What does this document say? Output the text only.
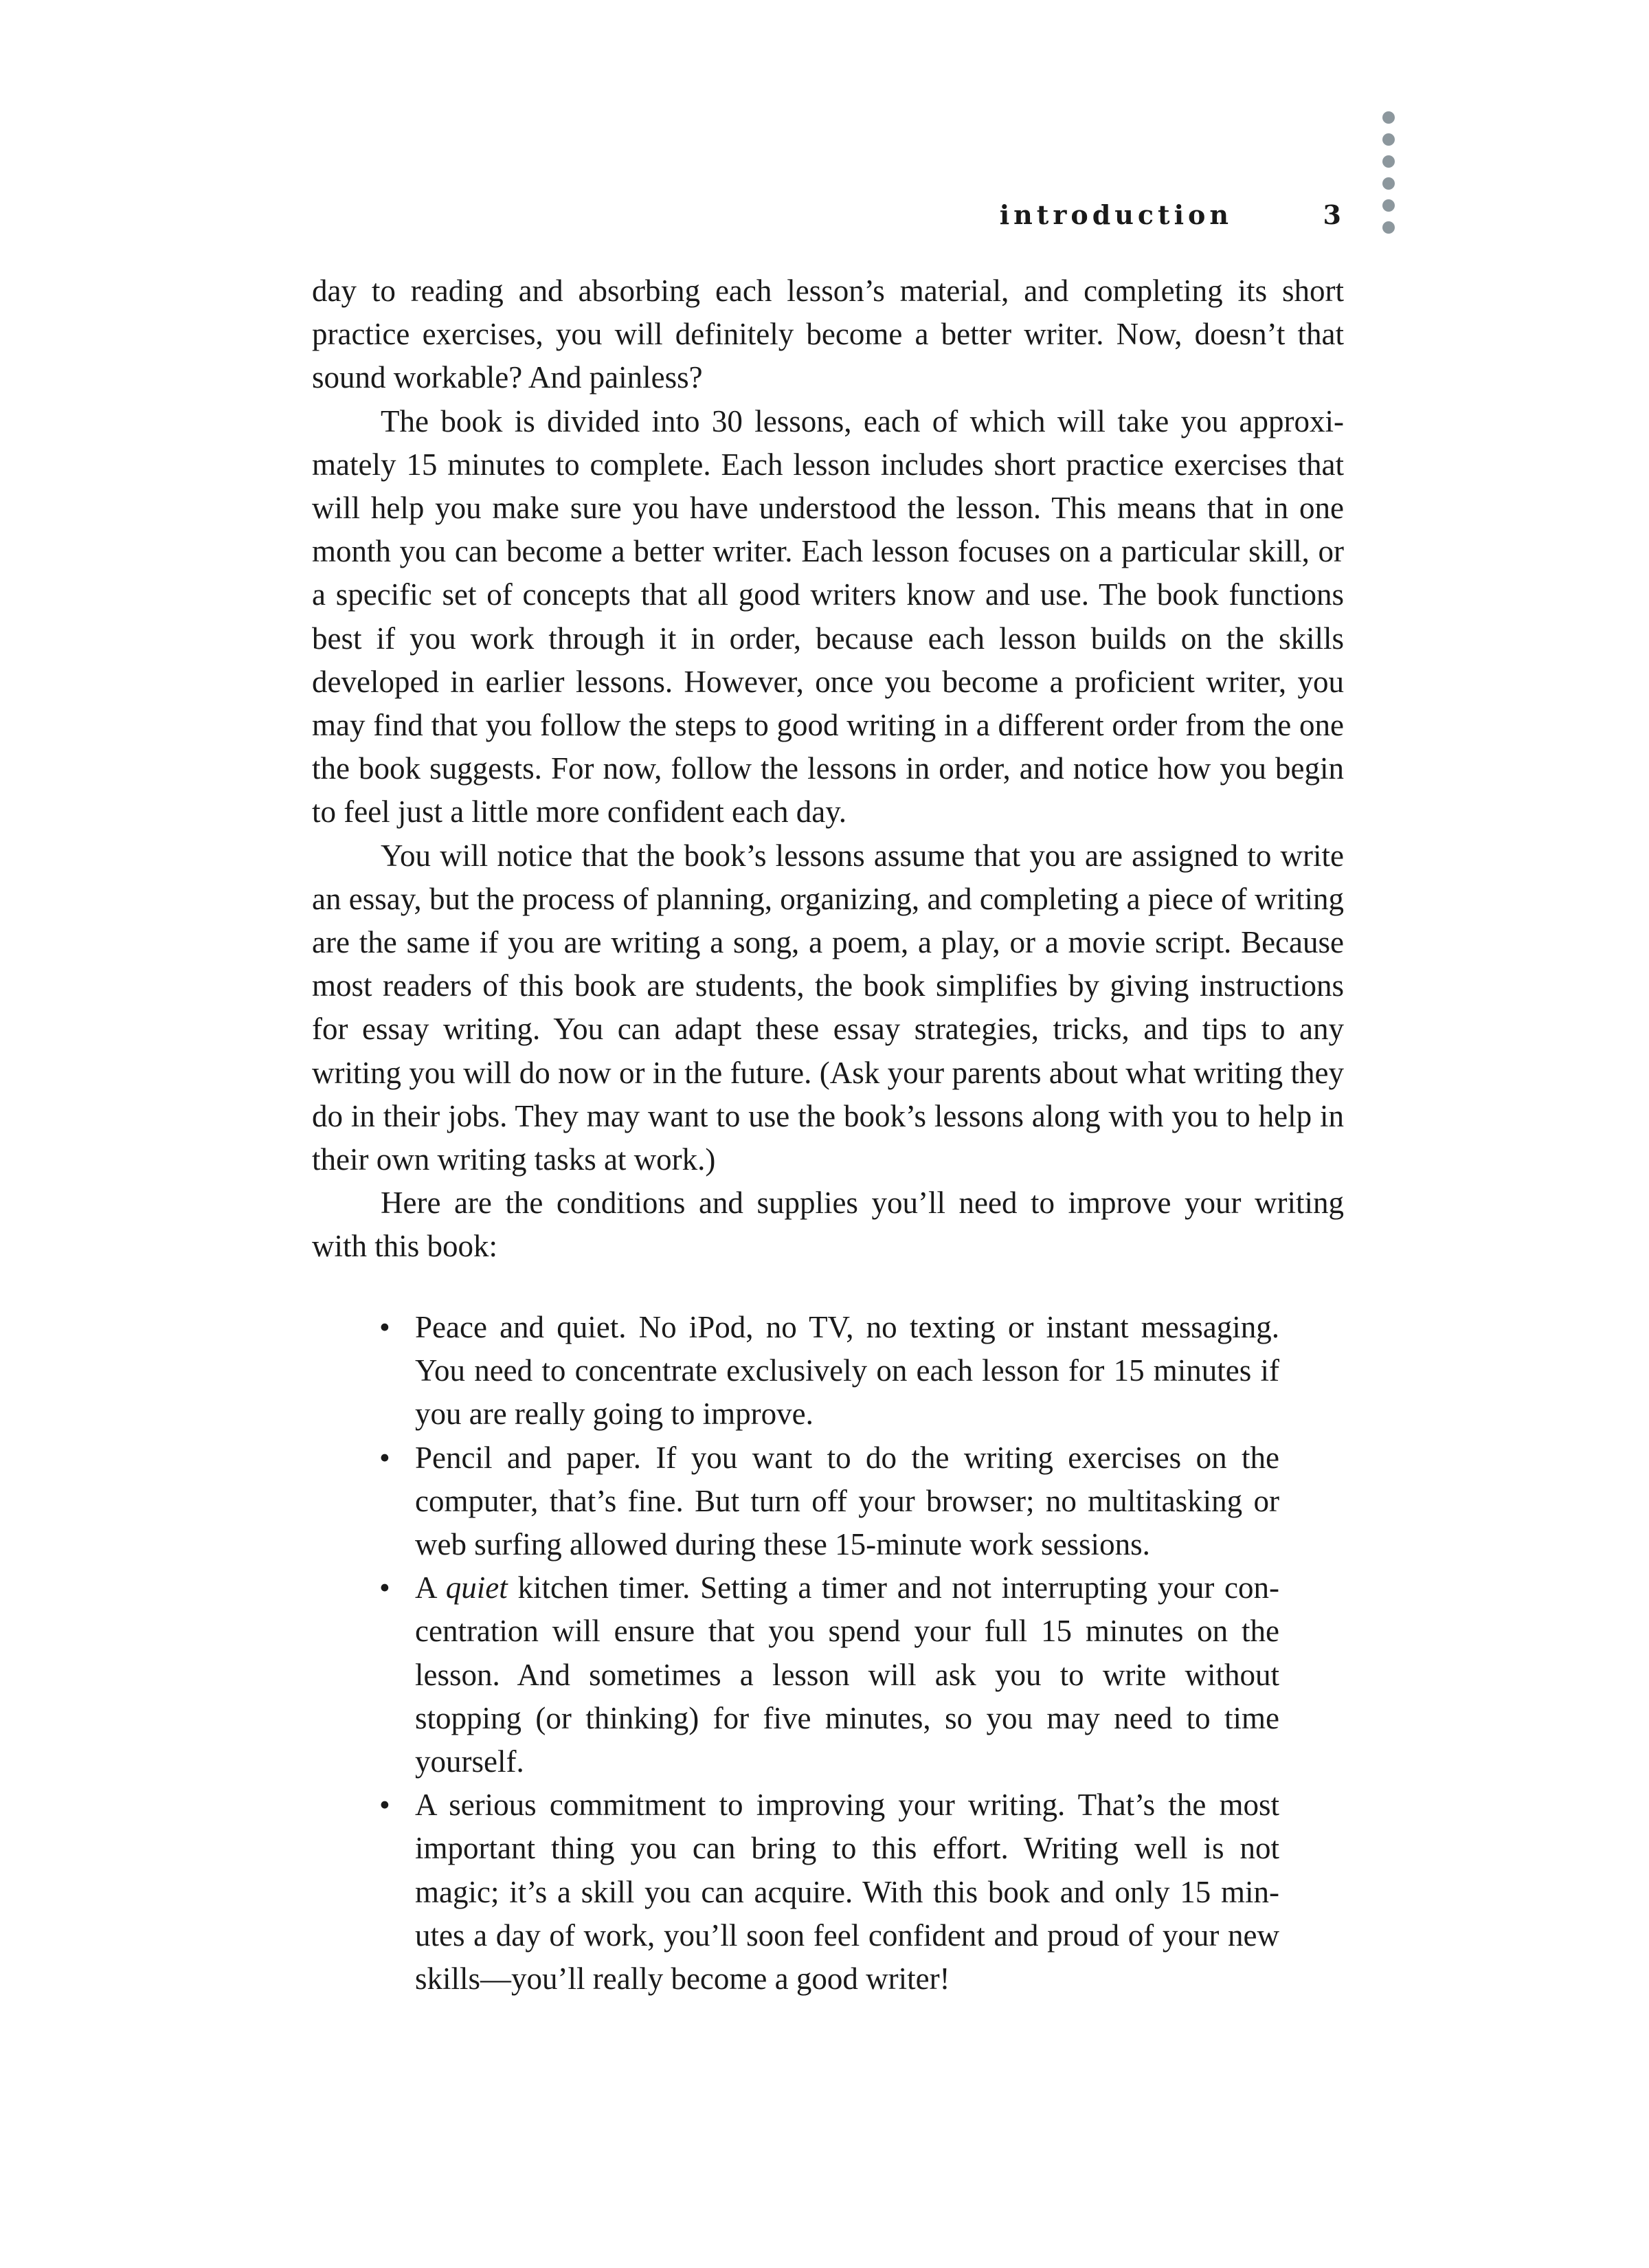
introduction	3

day to reading and absorbing each lesson’s material, and completing its short practice exercises, you will definitely become a better writer. Now, doesn’t that sound workable? And painless?

The book is divided into 30 lessons, each of which will take you approximately 15 minutes to complete. Each lesson includes short practice exercises that will help you make sure you have understood the lesson. This means that in one month you can become a better writer. Each lesson focuses on a particular skill, or a specific set of concepts that all good writers know and use. The book functions best if you work through it in order, because each lesson builds on the skills developed in earlier lessons. However, once you become a proficient writer, you may find that you follow the steps to good writing in a different order from the one the book suggests. For now, follow the lessons in order, and notice how you begin to feel just a little more confident each day.

You will notice that the book’s lessons assume that you are assigned to write an essay, but the process of planning, organizing, and completing a piece of writing are the same if you are writing a song, a poem, a play, or a movie script. Because most readers of this book are students, the book simplifies by giving instructions for essay writing. You can adapt these essay strategies, tricks, and tips to any writing you will do now or in the future. (Ask your parents about what writing they do in their jobs. They may want to use the book’s lessons along with you to help in their own writing tasks at work.)

Here are the conditions and supplies you’ll need to improve your writing with this book:

• Peace and quiet. No iPod, no TV, no texting or instant messaging. You need to concentrate exclusively on each lesson for 15 minutes if you are really going to improve.
• Pencil and paper. If you want to do the writing exercises on the computer, that’s fine. But turn off your browser; no multitasking or web surfing allowed during these 15-minute work sessions.
• A quiet kitchen timer. Setting a timer and not interrupting your concentration will ensure that you spend your full 15 minutes on the lesson. And sometimes a lesson will ask you to write without stopping (or thinking) for five minutes, so you may need to time yourself.
• A serious commitment to improving your writing. That’s the most important thing you can bring to this effort. Writing well is not magic; it’s a skill you can acquire. With this book and only 15 minutes a day of work, you’ll soon feel confident and proud of your new skills—you’ll really become a good writer!
